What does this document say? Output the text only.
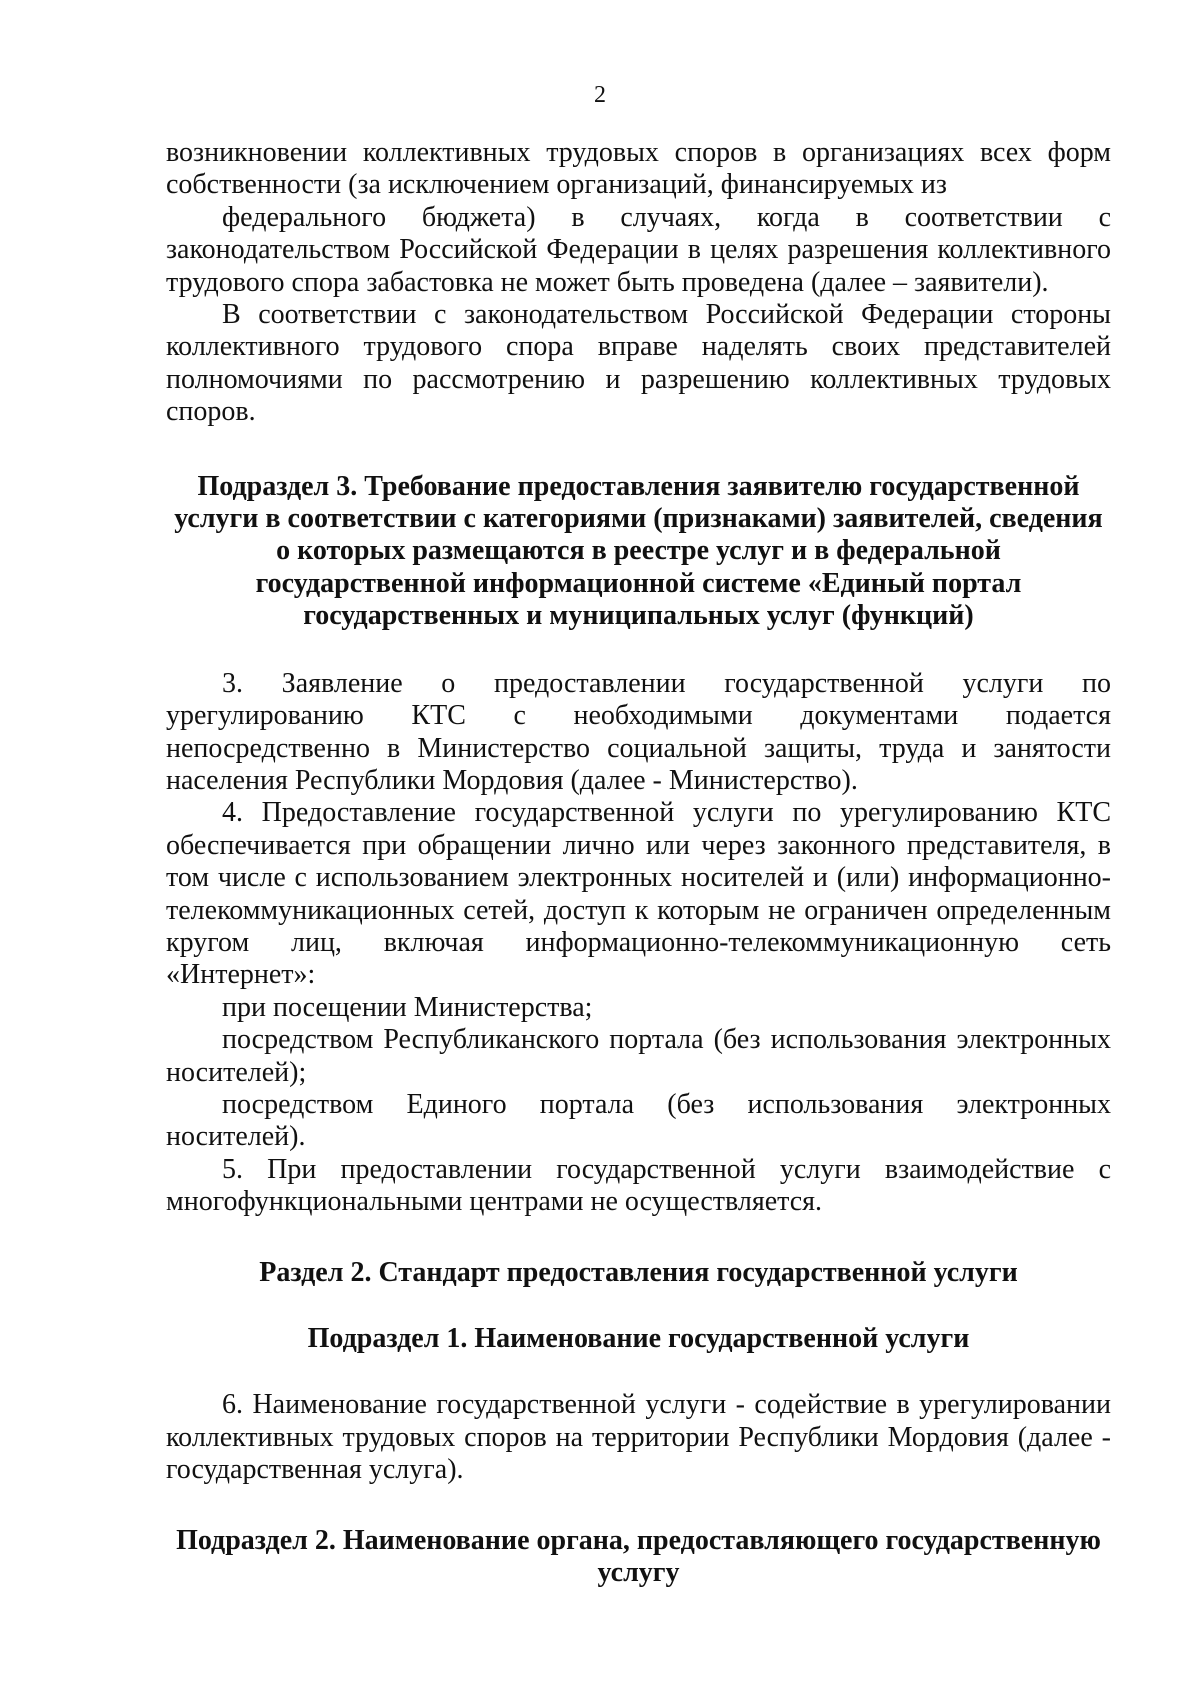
2

возникновении коллективных трудовых споров в организациях всех форм собственности (за исключением организаций, финансируемых из

федерального бюджета) в случаях, когда в соответствии с законодательством Российской Федерации в целях разрешения коллективного трудового спора забастовка не может быть проведена (далее – заявители).

В соответствии с законодательством Российской Федерации стороны коллективного трудового спора вправе наделять своих представителей полномочиями по рассмотрению и разрешению коллективных трудовых споров.

Подраздел 3. Требование предоставления заявителю государственной услуги в соответствии с категориями (признаками) заявителей, сведения о которых размещаются в реестре услуг и в федеральной государственной информационной системе «Единый портал государственных и муниципальных услуг (функций)

3. Заявление о предоставлении государственной услуги по урегулированию КТС с необходимыми документами подается непосредственно в Министерство социальной защиты, труда и занятости населения Республики Мордовия (далее - Министерство).

4. Предоставление государственной услуги по урегулированию КТС обеспечивается при обращении лично или через законного представителя, в том числе с использованием электронных носителей и (или) информационно-телекоммуникационных сетей, доступ к которым не ограничен определенным кругом лиц, включая информационно-телекоммуникационную сеть «Интернет»:

при посещении Министерства;

посредством Республиканского портала (без использования электронных носителей);

посредством Единого портала (без использования электронных носителей).

5. При предоставлении государственной услуги взаимодействие с многофункциональными центрами не осуществляется.

Раздел 2. Стандарт предоставления государственной услуги
Подраздел 1. Наименование государственной услуги

6. Наименование государственной услуги - содействие в урегулировании коллективных трудовых споров на территории Республики Мордовия (далее - государственная услуга).

Подраздел 2. Наименование органа, предоставляющего государственную услугу
